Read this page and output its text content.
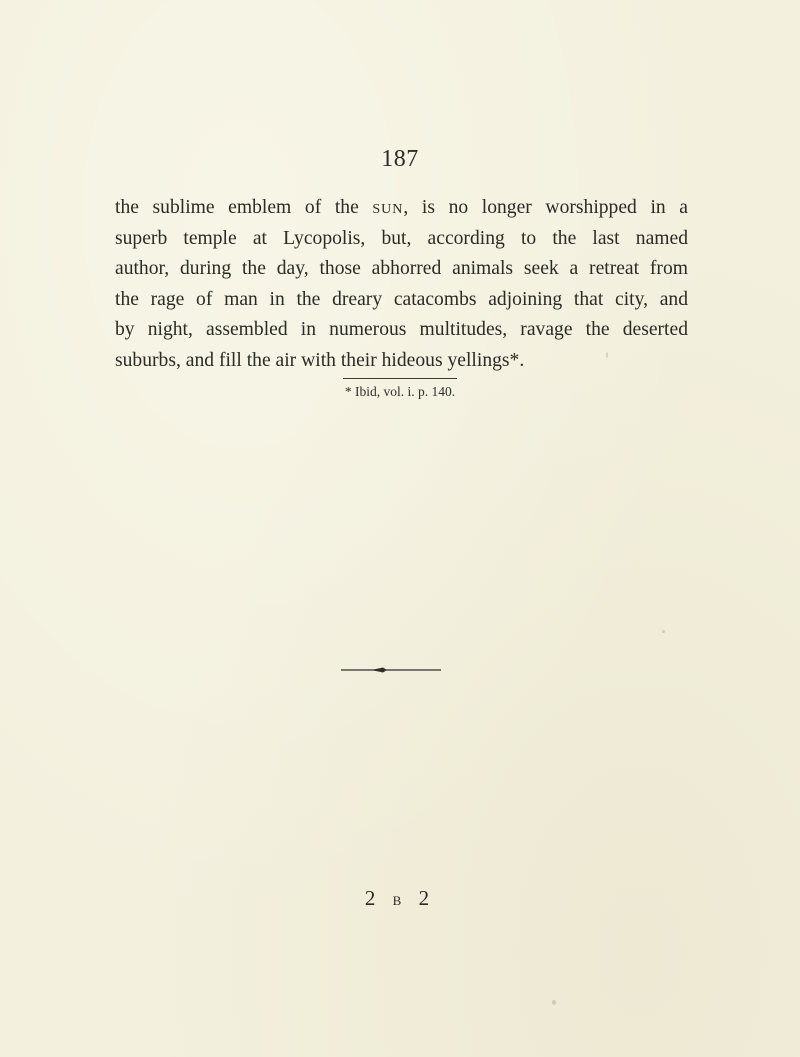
187
the sublime emblem of the sun, is no longer worshipped in a
superb temple at Lycopolis, but, according to the last named
author, during the day, those abhorred animals seek a retreat from
the rage of man in the dreary catacombs adjoining that city, and
by night, assembled in numerous multitudes, ravage the deserted
suburbs, and fill the air with their hideous yellings*.
* Ibid, vol. i. p. 140.
2 B 2
